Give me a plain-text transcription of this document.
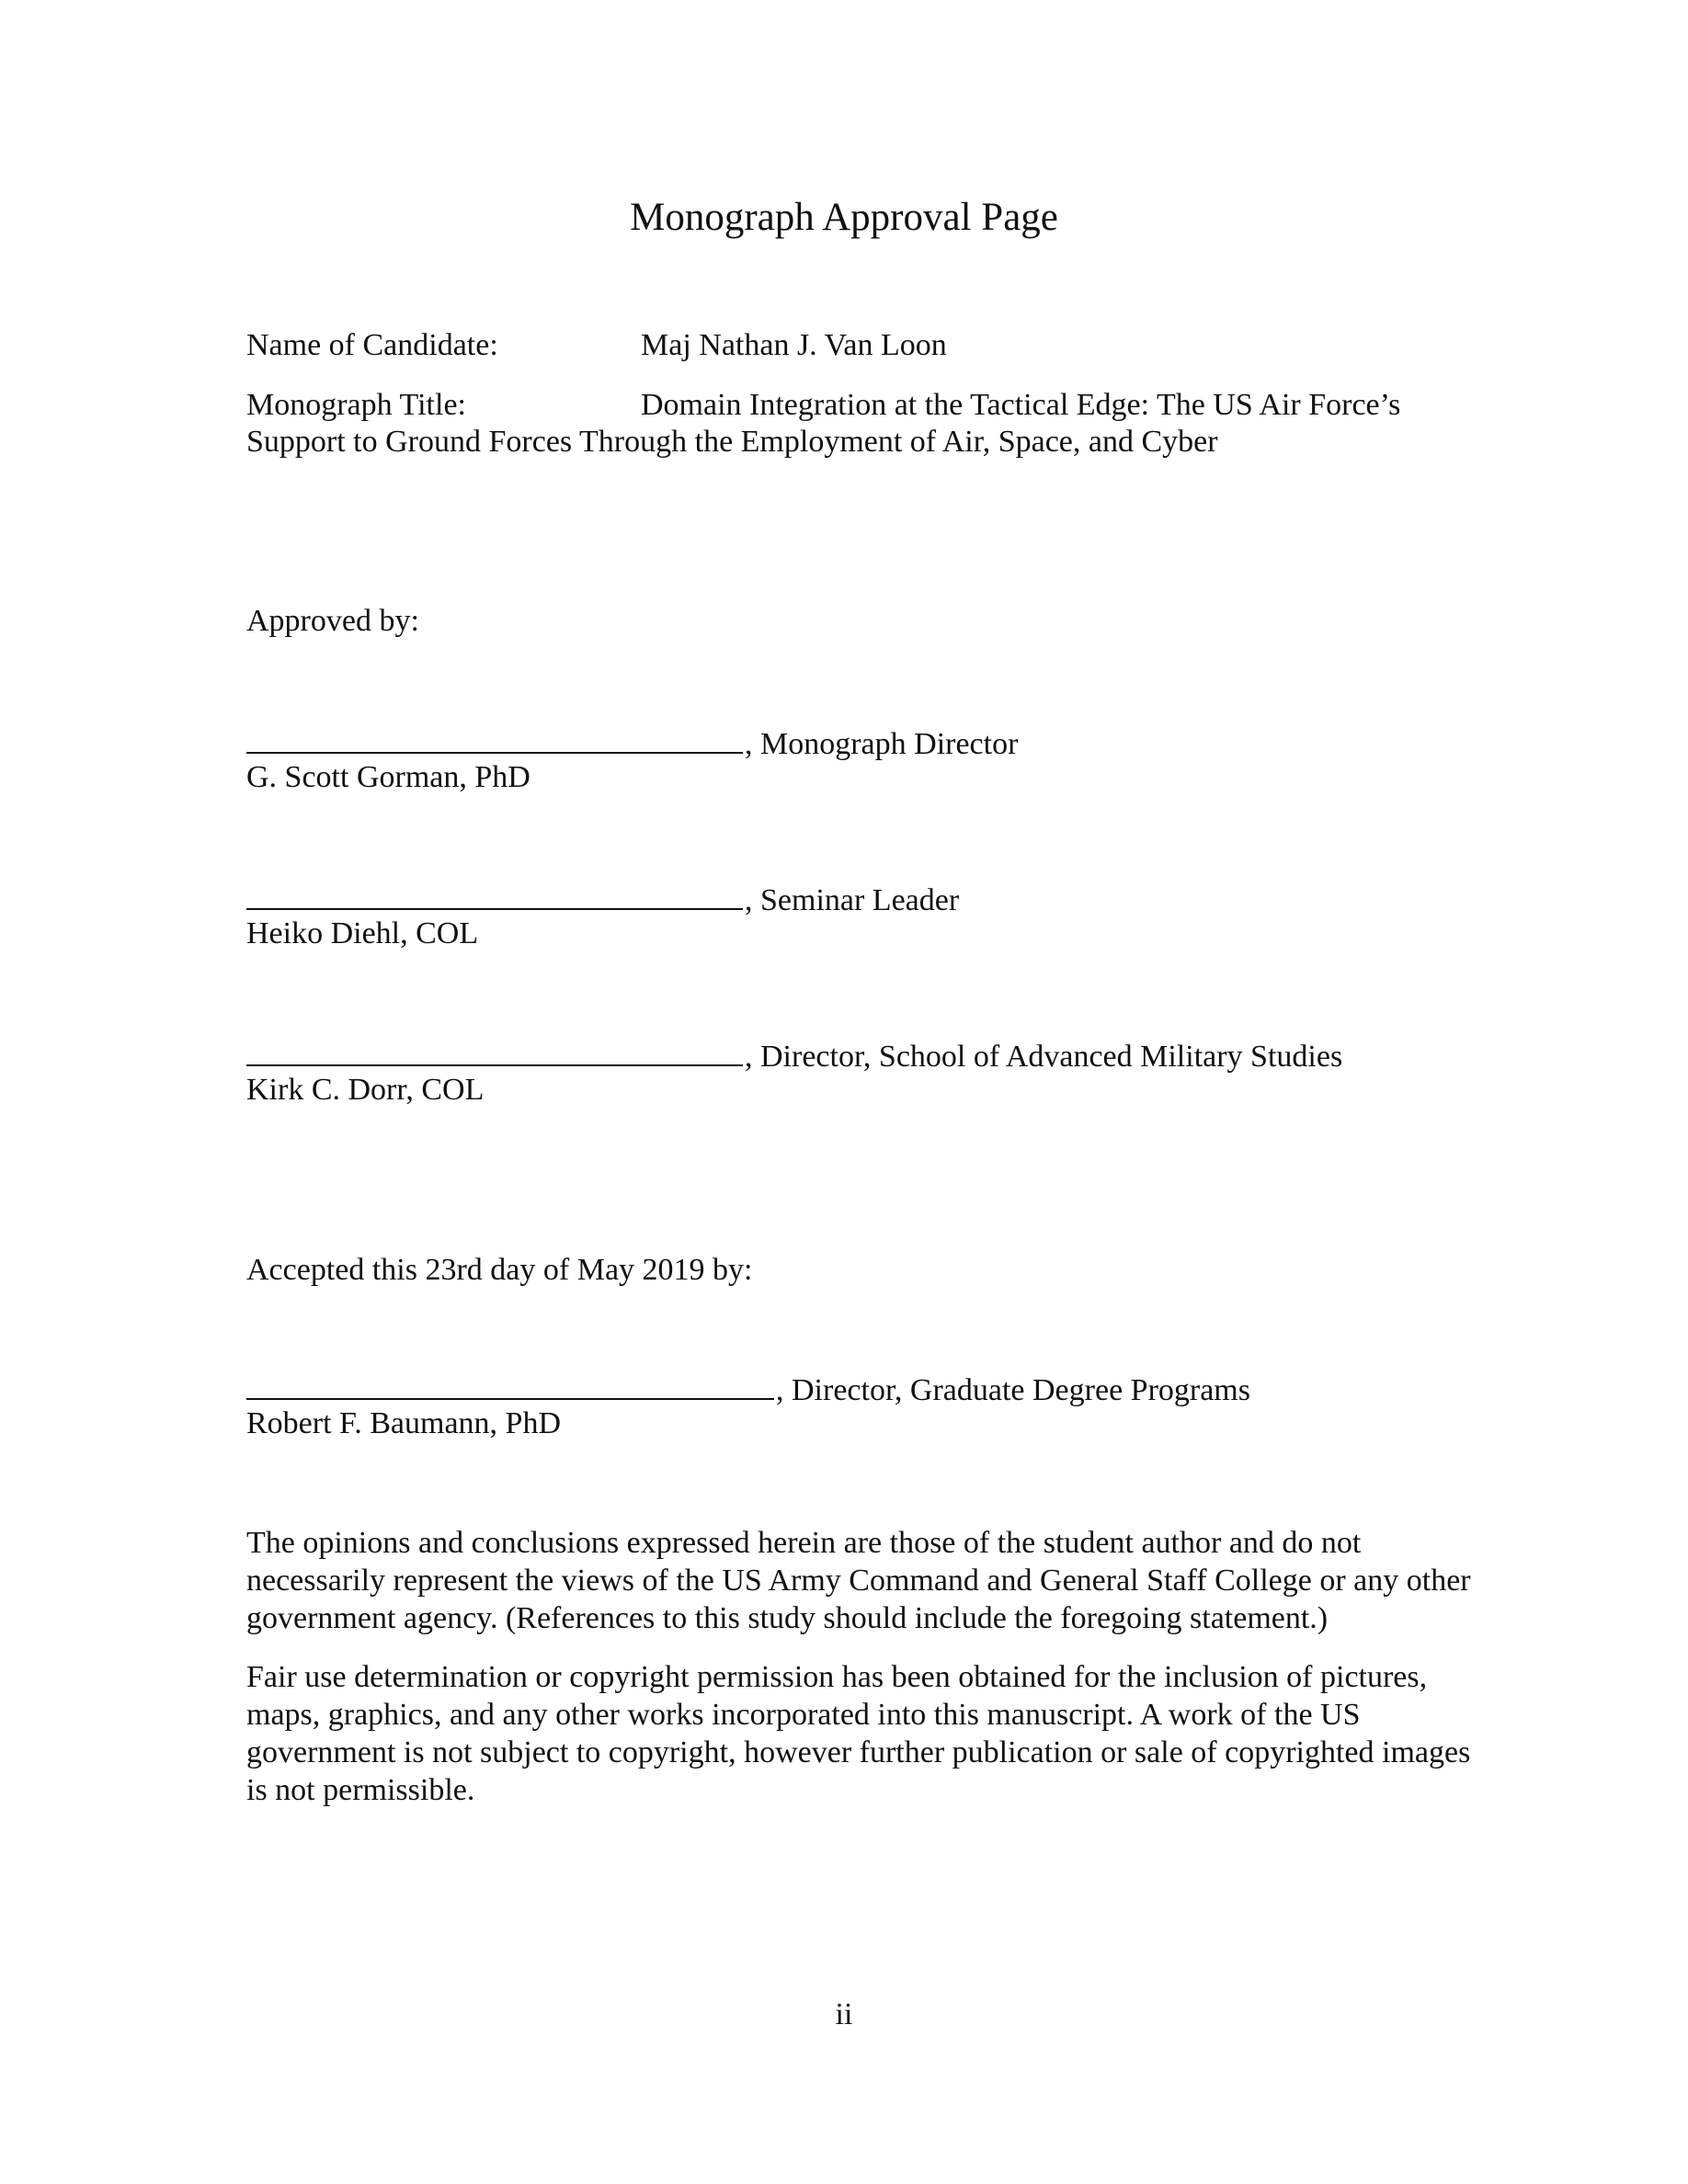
Monograph Approval Page
Name of Candidate:	Maj Nathan J. Van Loon
Monograph Title:	Domain Integration at the Tactical Edge: The US Air Force’s
Support to Ground Forces Through the Employment of Air, Space, and Cyber
Approved by:
, Monograph Director
G. Scott Gorman, PhD
, Seminar Leader
Heiko Diehl, COL
, Director, School of Advanced Military Studies
Kirk C. Dorr, COL
Accepted this 23rd day of May 2019 by:
, Director, Graduate Degree Programs
Robert F. Baumann, PhD
The opinions and conclusions expressed herein are those of the student author and do not
necessarily represent the views of the US Army Command and General Staff College or any other
government agency. (References to this study should include the foregoing statement.)
Fair use determination or copyright permission has been obtained for the inclusion of pictures,
maps, graphics, and any other works incorporated into this manuscript. A work of the US
government is not subject to copyright, however further publication or sale of copyrighted images
is not permissible.
ii
